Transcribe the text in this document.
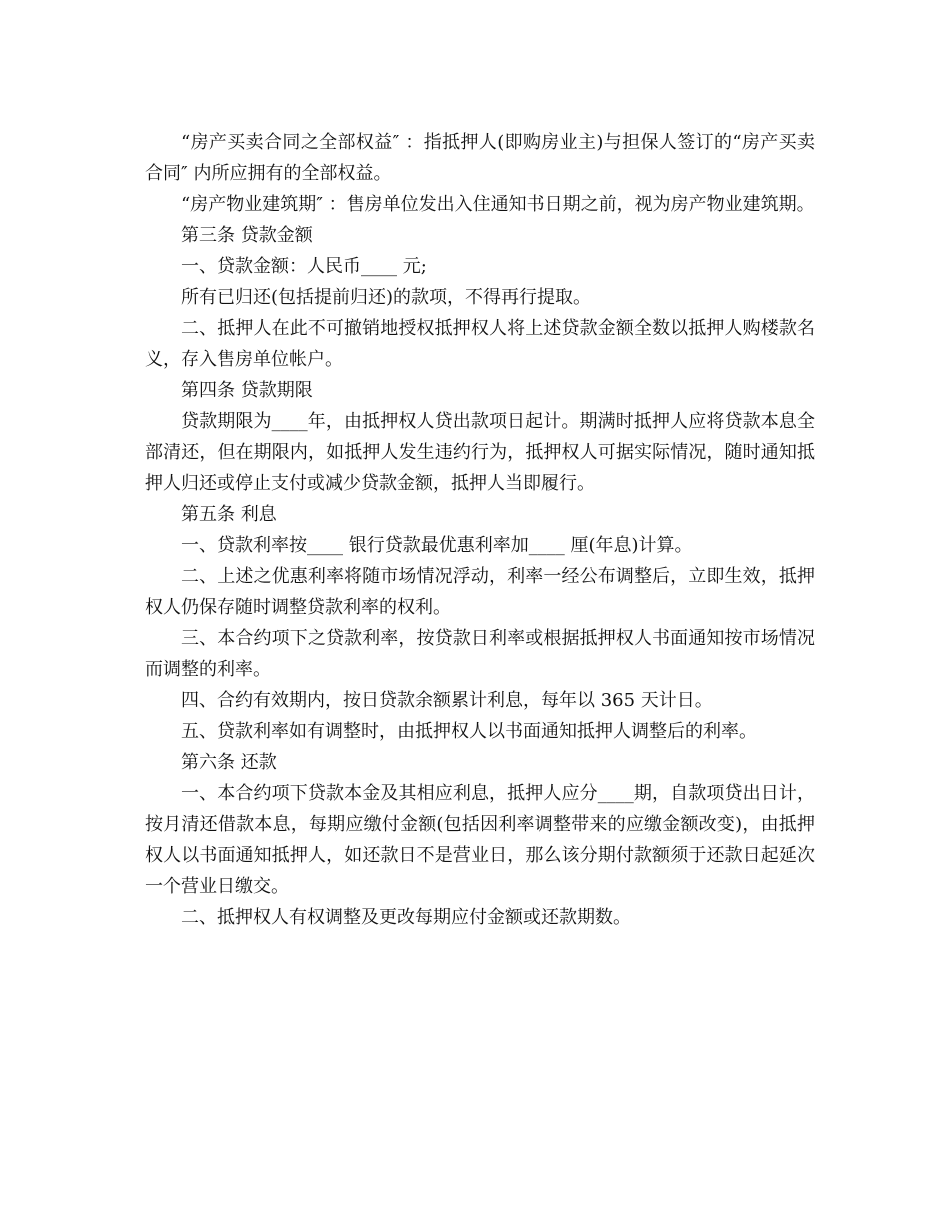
“房产买卖合同之全部权益″ ：指抵押人(即购房业主)与担保人签订的“房产买卖合同″ 内所应拥有的全部权益。

“房产物业建筑期″ ：售房单位发出入住通知书日期之前，视为房产物业建筑期。

第三条 贷款金额

一、贷款金额：人民币____ 元;

所有已归还(包括提前归还)的款项，不得再行提取。

二、抵押人在此不可撤销地授权抵押权人将上述贷款金额全数以抵押人购楼款名义，存入售房单位帐户。

第四条 贷款期限

贷款期限为____年，由抵押权人贷出款项日起计。期满时抵押人应将贷款本息全部清还，但在期限内，如抵押人发生违约行为，抵押权人可据实际情况，随时通知抵押人归还或停止支付或减少贷款金额，抵押人当即履行。

第五条 利息

一、贷款利率按____ 银行贷款最优惠利率加____ 厘(年息)计算。

二、上述之优惠利率将随市场情况浮动，利率一经公布调整后，立即生效，抵押权人仍保存随时调整贷款利率的权利。

三、本合约项下之贷款利率，按贷款日利率或根据抵押权人书面通知按市场情况而调整的利率。

四、合约有效期内，按日贷款余额累计利息，每年以 365 天计日。

五、贷款利率如有调整时，由抵押权人以书面通知抵押人调整后的利率。

第六条 还款

一、本合约项下贷款本金及其相应利息，抵押人应分____期，自款项贷出日计，按月清还借款本息，每期应缴付金额(包括因利率调整带来的应缴金额改变)，由抵押权人以书面通知抵押人，如还款日不是营业日，那么该分期付款额须于还款日起延次一个营业日缴交。

二、抵押权人有权调整及更改每期应付金额或还款期数。
